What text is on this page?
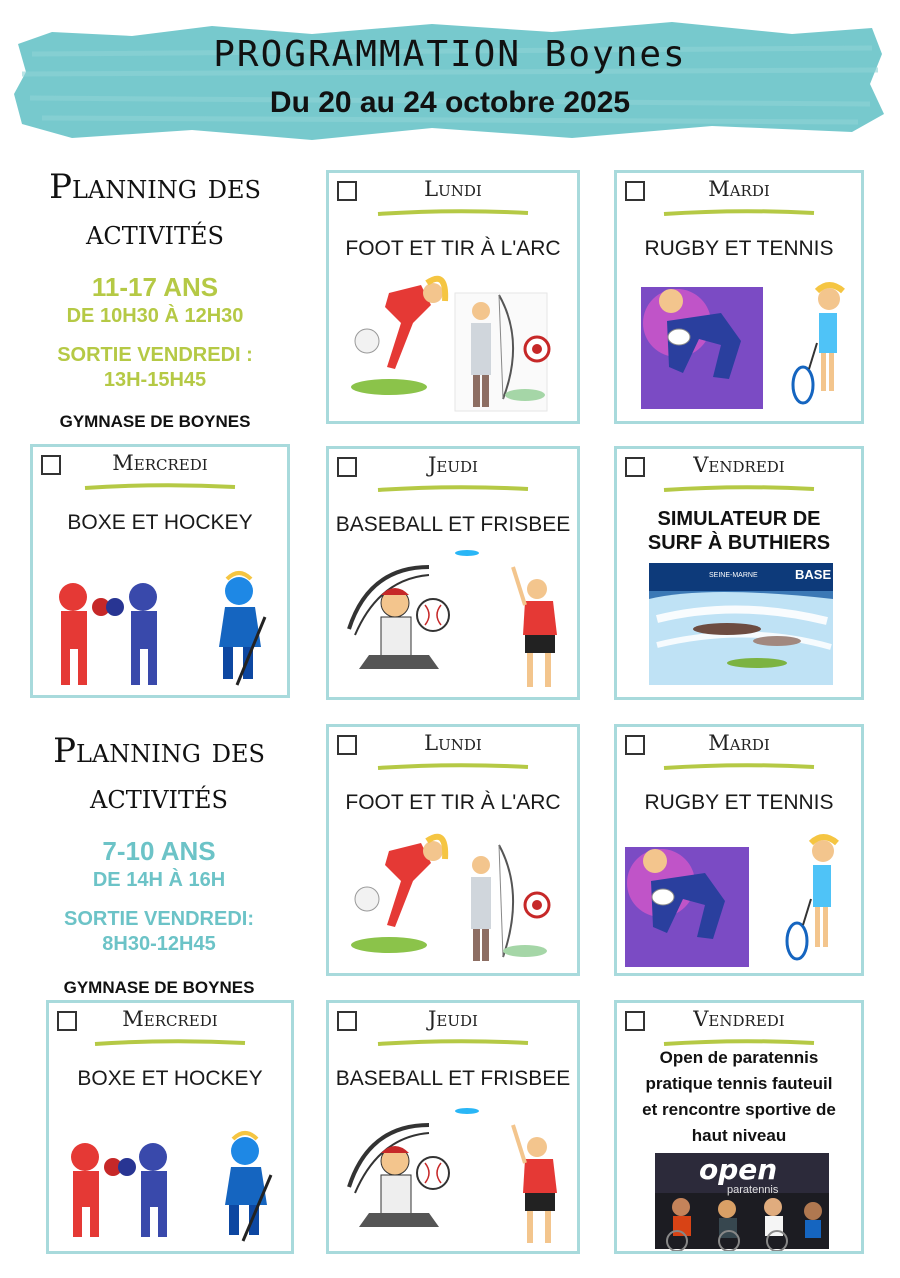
PROGRAMMATION Boynes
Du 20 au 24 octobre 2025
Planning des
activités
11-17 ANS
DE 10H30 À 12H30
SORTIE VENDREDI :
13H-15H45
GYMNASE DE BOYNES
Planning des
activités
7-10 ANS
DE 14H À 16H
SORTIE VENDREDI:
8H30-12H45
GYMNASE DE BOYNES
Lundi
FOOT ET TIR À L'ARC
Mardi
RUGBY ET TENNIS
Mercredi
BOXE ET HOCKEY
Jeudi
BASEBALL ET FRISBEE
Vendredi
SIMULATEUR DE
SURF À BUTHIERS
SEINE-MARNE	BASE
Lundi
FOOT ET TIR À L'ARC
Mardi
RUGBY ET TENNIS
Mercredi
BOXE ET HOCKEY
Jeudi
BASEBALL ET FRISBEE
Vendredi
Open de paratennis
pratique tennis fauteuil
et rencontre sportive de
haut niveau
open
paratennis
